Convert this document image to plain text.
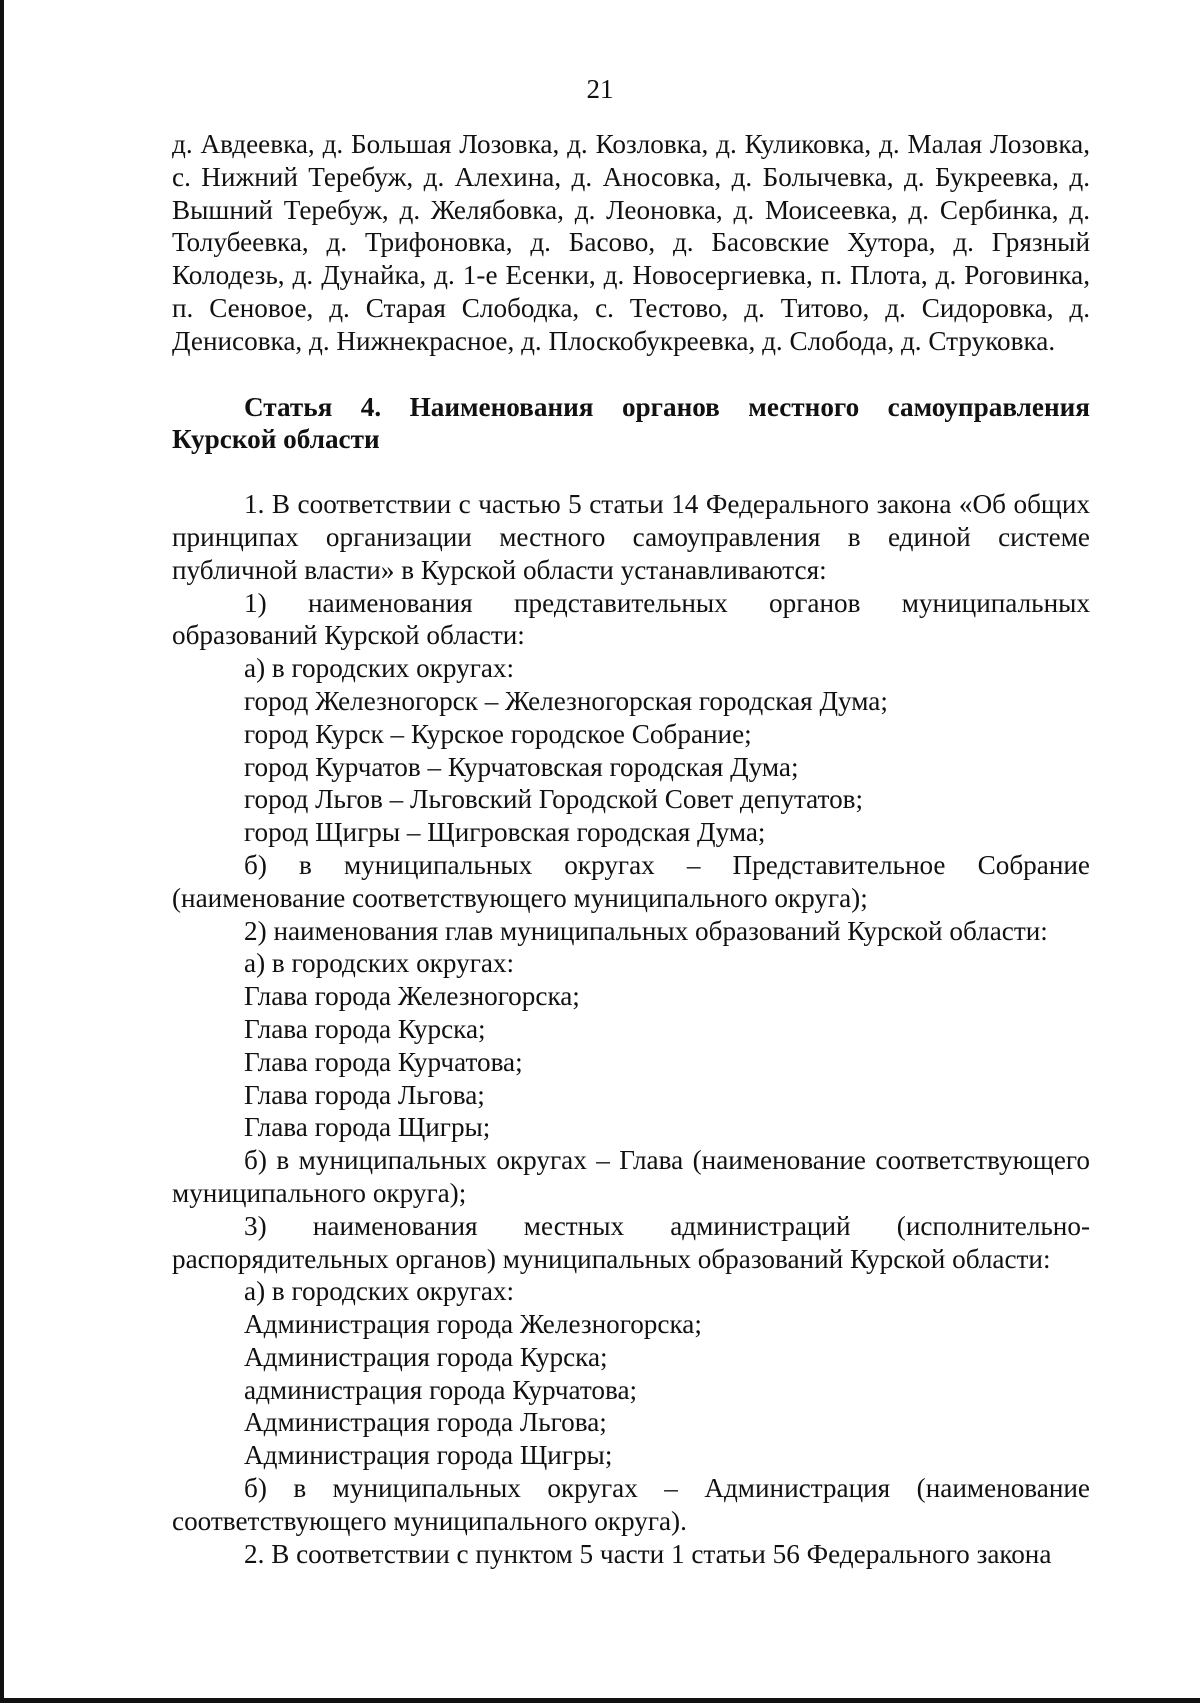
21

д. Авдеевка, д. Большая Лозовка, д. Козловка, д. Куликовка, д. Малая Лозовка, с. Нижний Теребуж, д. Алехина, д. Аносовка, д. Болычевка, д. Букреевка, д. Вышний Теребуж, д. Желябовка, д. Леоновка, д. Моисеевка, д. Сербинка, д. Толубеевка, д. Трифоновка, д. Басово, д. Басовские Хутора, д. Грязный Колодезь, д. Дунайка, д. 1-е Есенки, д. Новосергиевка, п. Плота, д. Роговинка, п. Сеновое, д. Старая Слободка, с. Тестово, д. Титово, д. Сидоровка, д. Денисовка, д. Нижнекрасное, д. Плоскобукреевка, д. Слобода, д. Струковка.

Статья 4. Наименования органов местного самоуправления Курской области

1. В соответствии с частью 5 статьи 14 Федерального закона «Об общих принципах организации местного самоуправления в единой системе публичной власти» в Курской области устанавливаются:

1) наименования представительных органов муниципальных образований Курской области:

а) в городских округах:

город Железногорск – Железногорская городская Дума;

город Курск – Курское городское Собрание;

город Курчатов – Курчатовская городская Дума;

город Льгов – Льговский Городской Совет депутатов;

город Щигры – Щигровская городская Дума;

б) в муниципальных округах – Представительное Собрание (наименование соответствующего муниципального округа);

2) наименования глав муниципальных образований Курской области:

а) в городских округах:

Глава города Железногорска;

Глава города Курска;

Глава города Курчатова;

Глава города Льгова;

Глава города Щигры;

б) в муниципальных округах – Глава (наименование соответствующего муниципального округа);

3) наименования местных администраций (исполнительно-распорядительных органов) муниципальных образований Курской области:

а) в городских округах:

Администрация города Железногорска;

Администрация города Курска;

администрация города Курчатова;

Администрация города Льгова;

Администрация города Щигры;

б) в муниципальных округах – Администрация (наименование соответствующего муниципального округа).

2. В соответствии с пунктом 5 части 1 статьи 56 Федерального закона
